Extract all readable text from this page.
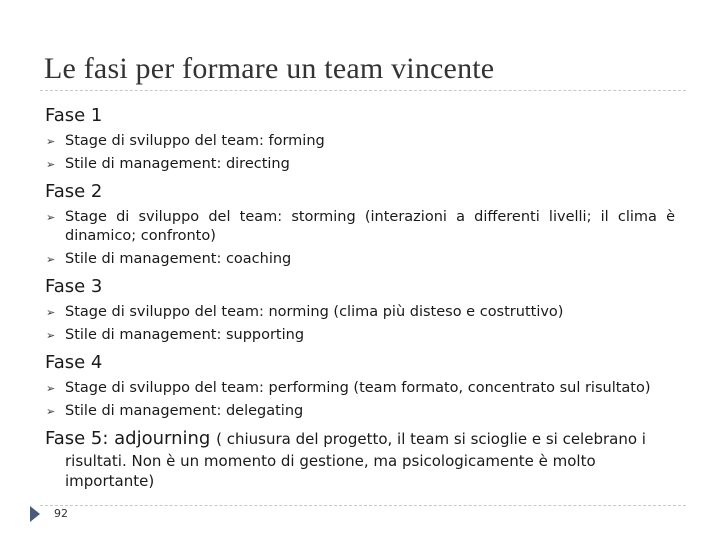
Le fasi per formare un team vincente

Fase 1

➢ Stage di sviluppo del team: forming
➢ Stile di management: directing

Fase 2

➢ Stage di sviluppo del team: storming (interazioni a differenti livelli; il clima è dinamico; confronto)
➢ Stile di management: coaching

Fase 3

➢ Stage di sviluppo del team: norming (clima più disteso e costruttivo)
➢ Stile di management: supporting

Fase 4

➢ Stage di sviluppo del team: performing (team formato, concentrato sul risultato)
➢ Stile di management: delegating

Fase 5: adjourning ( chiusura del progetto, il team si scioglie e si celebrano i
risultati. Non è un momento di gestione, ma psicologicamente è molto importante)

92
